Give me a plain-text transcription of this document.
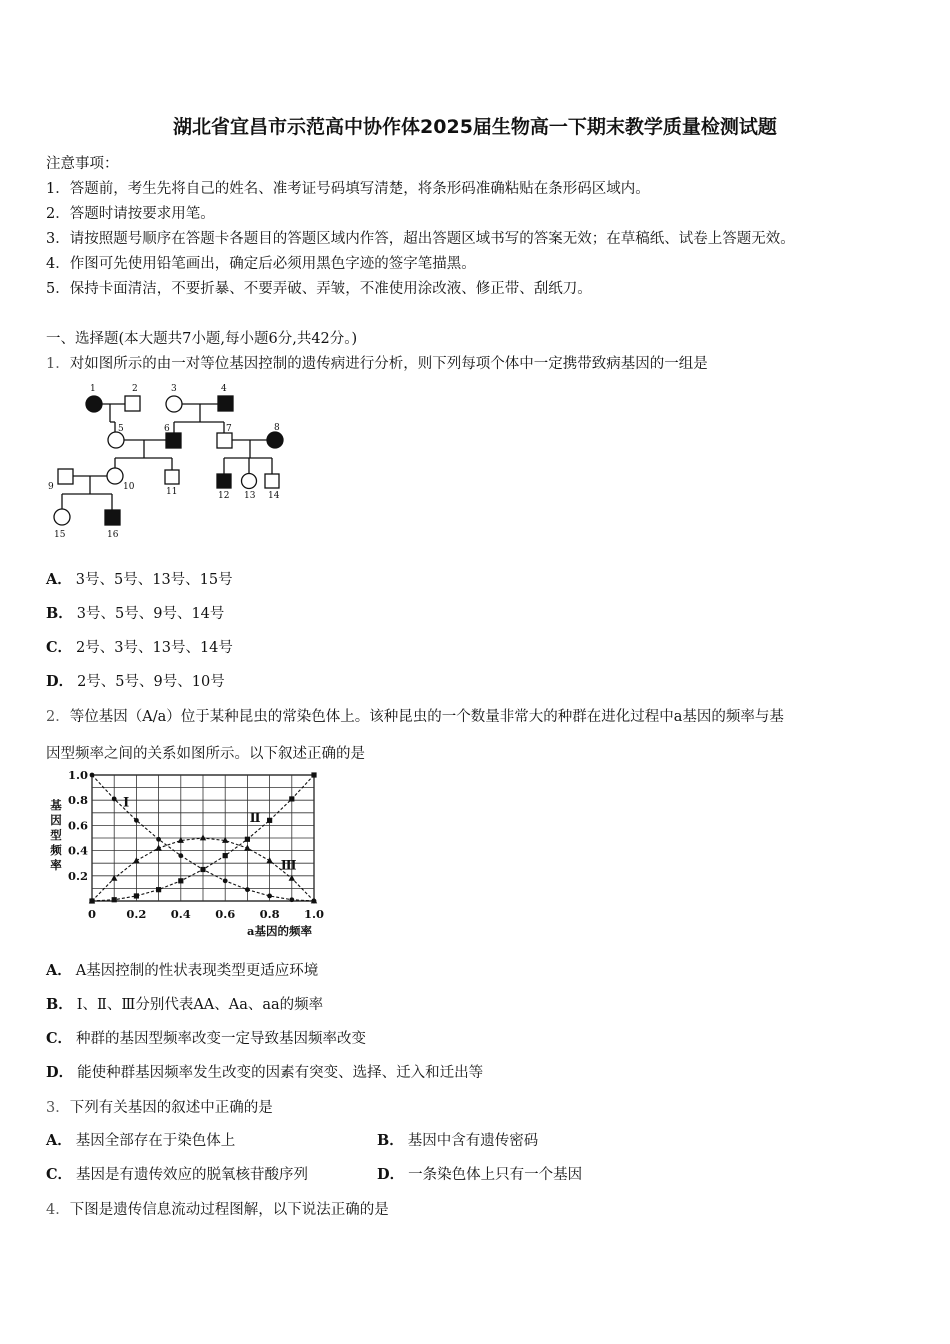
湖北省宜昌市示范高中协作体2025届生物高一下期末教学质量检测试题
注意事项：
1．答题前，考生先将自己的姓名、准考证号码填写清楚，将条形码准确粘贴在条形码区域内。
2．答题时请按要求用笔。
3．请按照题号顺序在答题卡各题目的答题区域内作答，超出答题区域书写的答案无效；在草稿纸、试卷上答题无效。
4．作图可先使用铅笔画出，确定后必须用黑色字迹的签字笔描黑。
5．保持卡面清洁，不要折暴、不要弄破、弄皱，不准使用涂改液、修正带、刮纸刀。
一、选择题(本大题共7小题,每小题6分,共42分。)
1．对如图所示的由一对等位基因控制的遗传病进行分析，则下列每项个体中一定携带致病基因的一组是
1	2	3	4
5	6	7	8
9	10	11	12 13 14
15	16
A． 3号、5号、13号、15号
B． 3号、5号、9号、14号
C． 2号、3号、13号、14号
D． 2号、5号、9号、10号
2．等位基因（A/a）位于某种昆虫的常染色体上。该种昆虫的一个数量非常大的种群在进化过程中a基因的频率与基
因型频率之间的关系如图所示。以下叙述正确的是
0	0.2 0.4 0.6 0.8 1.0
0.2
0.4
0.6
0.8
1.0
a基因的频率
基
因
型
频
率
Ⅰ
Ⅱ
Ⅲ
A． A基因控制的性状表现类型更适应环境
B． Ⅰ、Ⅱ、Ⅲ分别代表AA、Aa、aa的频率
C． 种群的基因型频率改变一定导致基因频率改变
D． 能使种群基因频率发生改变的因素有突变、选择、迁入和迁出等
3．下列有关基因的叙述中正确的是
A． 基因全部存在于染色体上	B． 基因中含有遗传密码
C． 基因是有遗传效应的脱氧核苷酸序列	D． 一条染色体上只有一个基因
4．下图是遗传信息流动过程图解，以下说法正确的是
